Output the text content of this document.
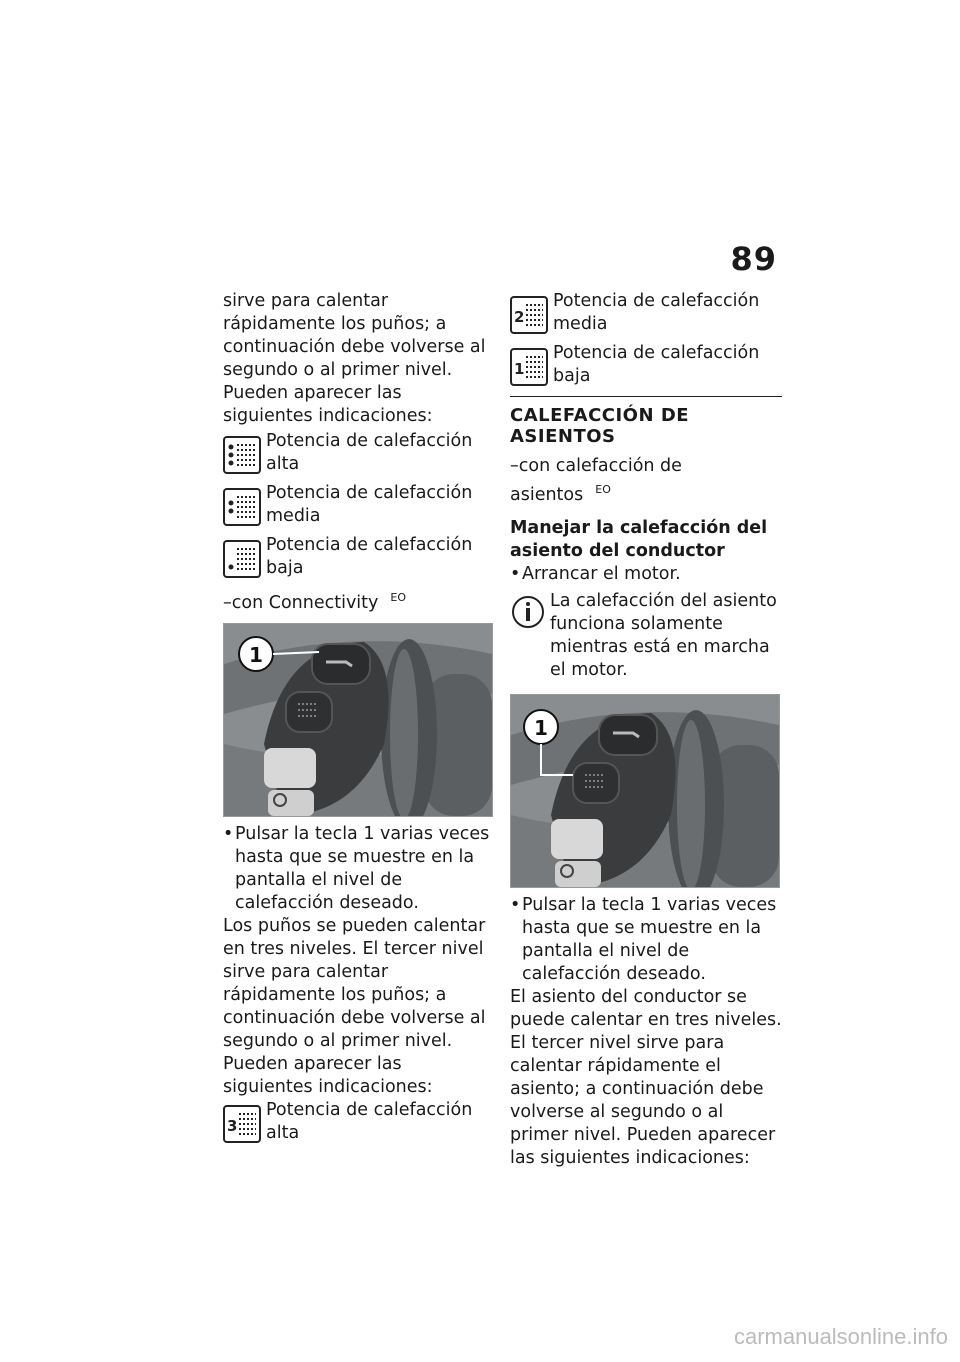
89

sirve para calentar rápidamente los puños; a continuación debe volverse al segundo o al primer nivel. Pueden aparecer las siguientes indicaciones:

Potencia de calefacción alta
Potencia de calefacción media
Potencia de calefacción baja
–con Connectivity $^{EO}$
1
• Pulsar la tecla 1 varias veces hasta que se muestre en la pantalla el nivel de calefacción deseado.

Los puños se pueden calentar en tres niveles. El tercer nivel sirve para calentar rápidamente los puños; a continuación debe volverse al segundo o al primer nivel. Pueden aparecer las siguientes indicaciones:

3
Potencia de calefacción alta
2
Potencia de calefacción media
1
Potencia de calefacción baja
CALEFACCIÓN DE ASIENTOS
–con calefacción de asientos $^{EO}$
Manejar la calefacción del asiento del conductor
• Arrancar el motor.
La calefacción del asiento funciona solamente mientras está en marcha el motor.
1
• Pulsar la tecla 1 varias veces hasta que se muestre en la pantalla el nivel de calefacción deseado.

El asiento del conductor se puede calentar en tres niveles. El tercer nivel sirve para calentar rápidamente el asiento; a continuación debe volverse al segundo o al primer nivel. Pueden aparecer las siguientes indicaciones:

carmanualsonline.info
